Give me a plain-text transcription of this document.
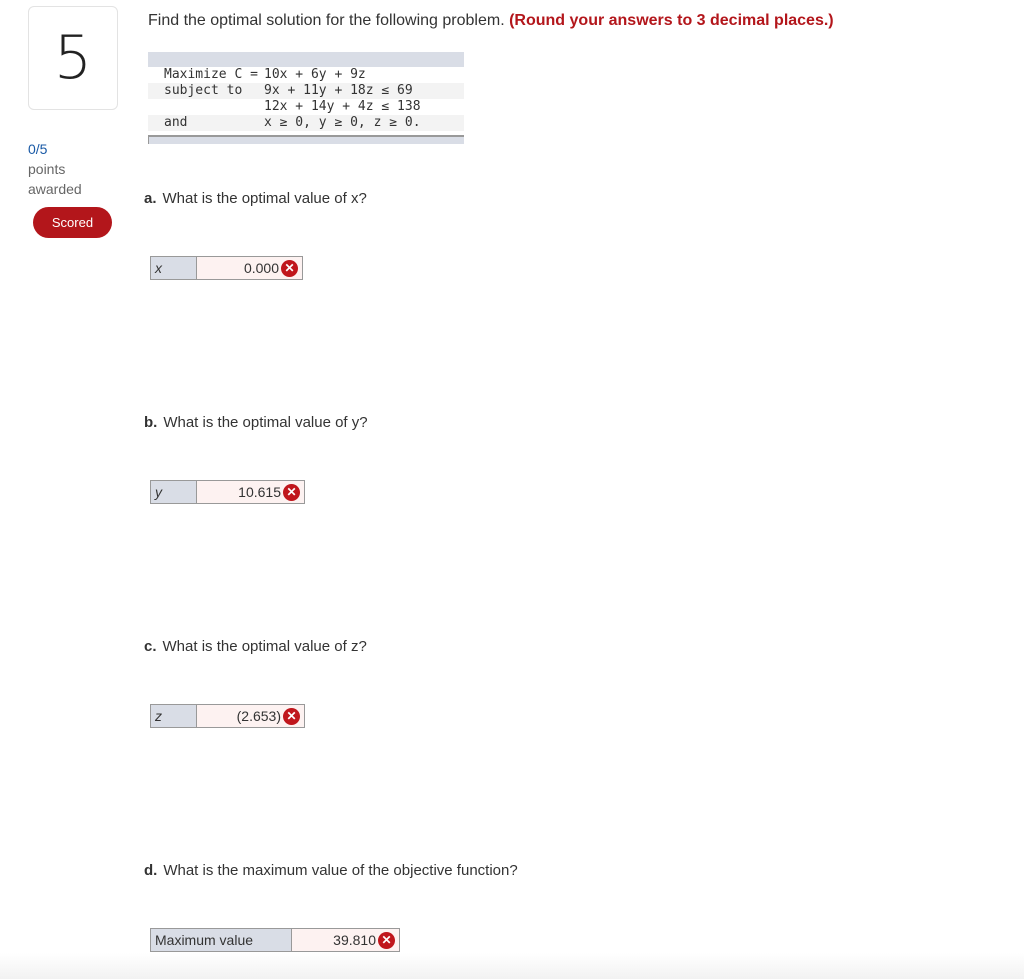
5
0/5
points
awarded
Scored
Find the optimal solution for the following problem. (Round your answers to 3 decimal places.)
Maximize C = 10x + 6y + 9z
subject to	9x + 11y + 18z ≤ 69
12x + 14y + 4z ≤ 138
and	x ≥ 0, y ≥ 0, z ≥ 0.
a. What is the optimal value of x?
x	0.000 ✕
b. What is the optimal value of y?
y	10.615 ✕
c. What is the optimal value of z?
z	(2.653) ✕
d. What is the maximum value of the objective function?
Maximum value	39.810 ✕
